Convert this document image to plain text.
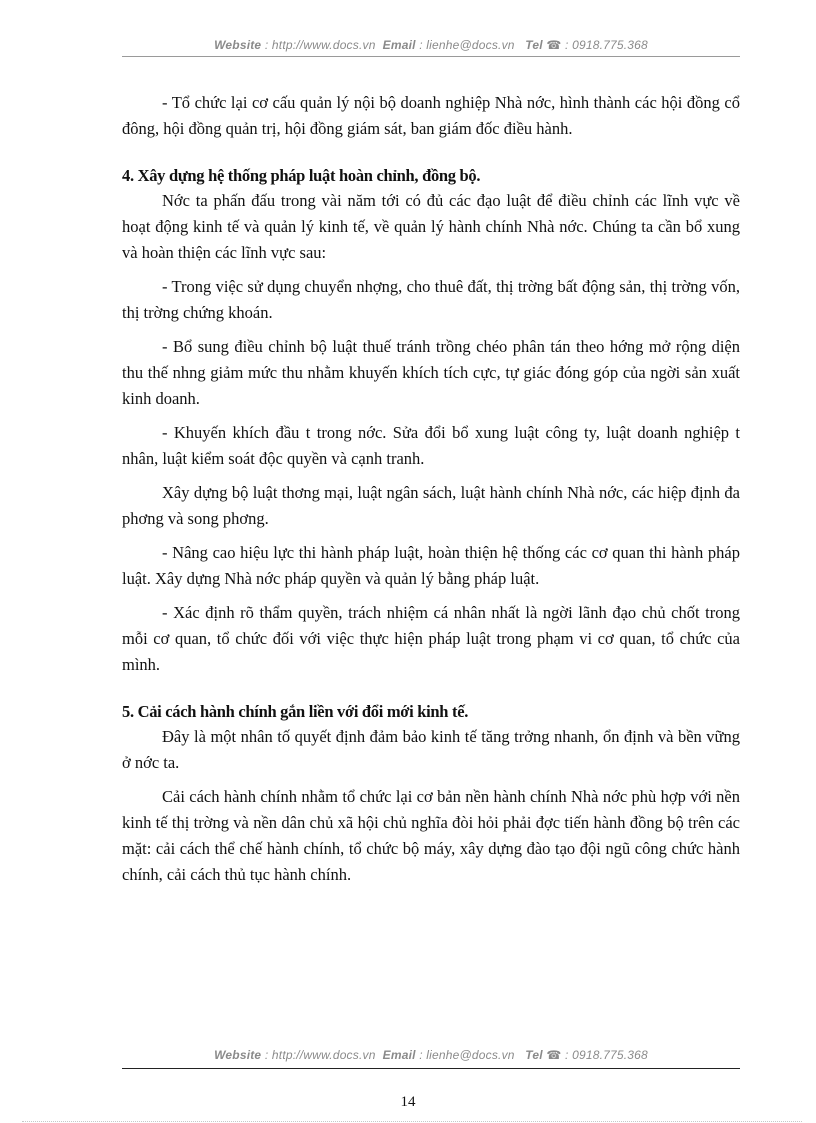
Website : http://www.docs.vn Email : lienhe@docs.vn Tel ☎ : 0918.775.368

- Tổ chức lại cơ cấu quản lý nội bộ doanh nghiệp Nhà nớc, hình thành các hội đồng cổ đông, hội đồng quản trị, hội đồng giám sát, ban giám đốc điều hành.

4. Xây dựng hệ thống pháp luật hoàn chỉnh, đồng bộ.

Nớc ta phấn đấu trong vài năm tới có đủ các đạo luật để điều chỉnh các lĩnh vực về hoạt động kinh tế và quản lý kinh tế, về quản lý hành chính Nhà nớc. Chúng ta cần bổ xung và hoàn thiện các lĩnh vực sau:

- Trong việc sử dụng chuyển nhợng, cho thuê đất, thị trờng bất động sản, thị trờng vốn, thị trờng chứng khoán.

- Bổ sung điều chỉnh bộ luật thuế tránh trồng chéo phân tán theo hớng mở rộng diện thu thế nhng giảm mức thu nhằm khuyến khích tích cực, tự giác đóng góp của ngời sản xuất kinh doanh.

- Khuyến khích đầu t trong nớc. Sửa đổi bổ xung luật công ty, luật doanh nghiệp t nhân, luật kiểm soát độc quyền và cạnh tranh.

Xây dựng bộ luật thơng mại, luật ngân sách, luật hành chính Nhà nớc, các hiệp định đa phơng và song phơng.

- Nâng cao hiệu lực thi hành pháp luật, hoàn thiện hệ thống các cơ quan thi hành pháp luật. Xây dựng Nhà nớc pháp quyền và quản lý bằng pháp luật.

- Xác định rõ thẩm quyền, trách nhiệm cá nhân nhất là ngời lãnh đạo chủ chốt trong mỗi cơ quan, tổ chức đối với việc thực hiện pháp luật trong phạm vi cơ quan, tổ chức của mình.

5. Cải cách hành chính gắn liền với đổi mới kinh tế.

Đây là một nhân tố quyết định đảm bảo kinh tế tăng trởng nhanh, ổn định và bền vững ở nớc ta.

Cải cách hành chính nhằm tổ chức lại cơ bản nền hành chính Nhà nớc phù hợp với nền kinh tế thị trờng và nền dân chủ xã hội chủ nghĩa đòi hỏi phải đợc tiến hành đồng bộ trên các mặt: cải cách thể chế hành chính, tổ chức bộ máy, xây dựng đào tạo đội ngũ công chức hành chính, cải cách thủ tục hành chính.

Website : http://www.docs.vn Email : lienhe@docs.vn Tel ☎ : 0918.775.368
14
